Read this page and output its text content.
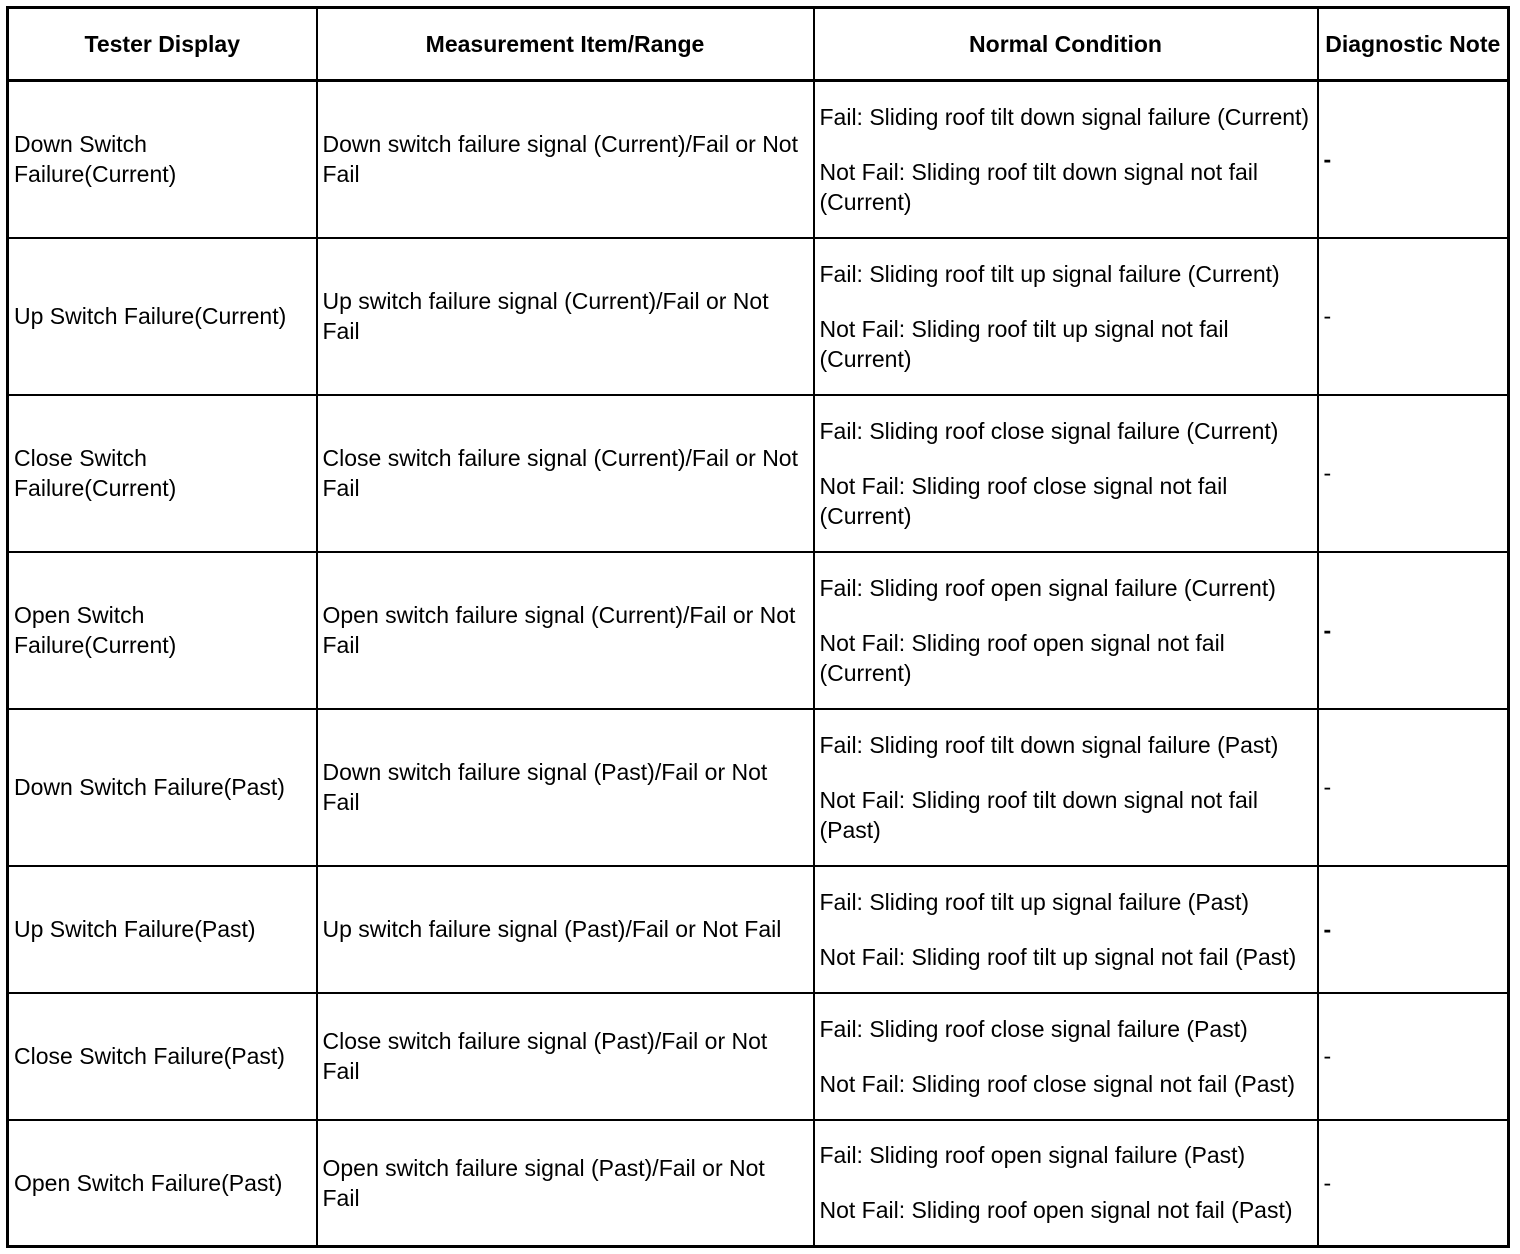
Tester Display	Measurement Item/Range	Normal Condition	Diagnostic Note
Down Switch Failure(Current)	Down switch failure signal (Current)/Fail or Not Fail	Fail: Sliding roof tilt down signal failure (Current)

Not Fail: Sliding roof tilt down signal not fail (Current)	-
Up Switch Failure(Current)	Up switch failure signal (Current)/Fail or Not Fail	Fail: Sliding roof tilt up signal failure (Current)

Not Fail: Sliding roof tilt up signal not fail (Current)	-
Close Switch Failure(Current)	Close switch failure signal (Current)/Fail or Not Fail	Fail: Sliding roof close signal failure (Current)

Not Fail: Sliding roof close signal not fail (Current)	-
Open Switch Failure(Current)	Open switch failure signal (Current)/Fail or Not Fail	Fail: Sliding roof open signal failure (Current)

Not Fail: Sliding roof open signal not fail (Current)	-
Down Switch Failure(Past)	Down switch failure signal (Past)/Fail or Not Fail	Fail: Sliding roof tilt down signal failure (Past)

Not Fail: Sliding roof tilt down signal not fail (Past)	-
Up Switch Failure(Past)	Up switch failure signal (Past)/Fail or Not Fail	Fail: Sliding roof tilt up signal failure (Past)

Not Fail: Sliding roof tilt up signal not fail (Past)	-
Close Switch Failure(Past)	Close switch failure signal (Past)/Fail or Not Fail	Fail: Sliding roof close signal failure (Past)

Not Fail: Sliding roof close signal not fail (Past)	-
Open Switch Failure(Past)	Open switch failure signal (Past)/Fail or Not Fail	Fail: Sliding roof open signal failure (Past)

Not Fail: Sliding roof open signal not fail (Past)	-
